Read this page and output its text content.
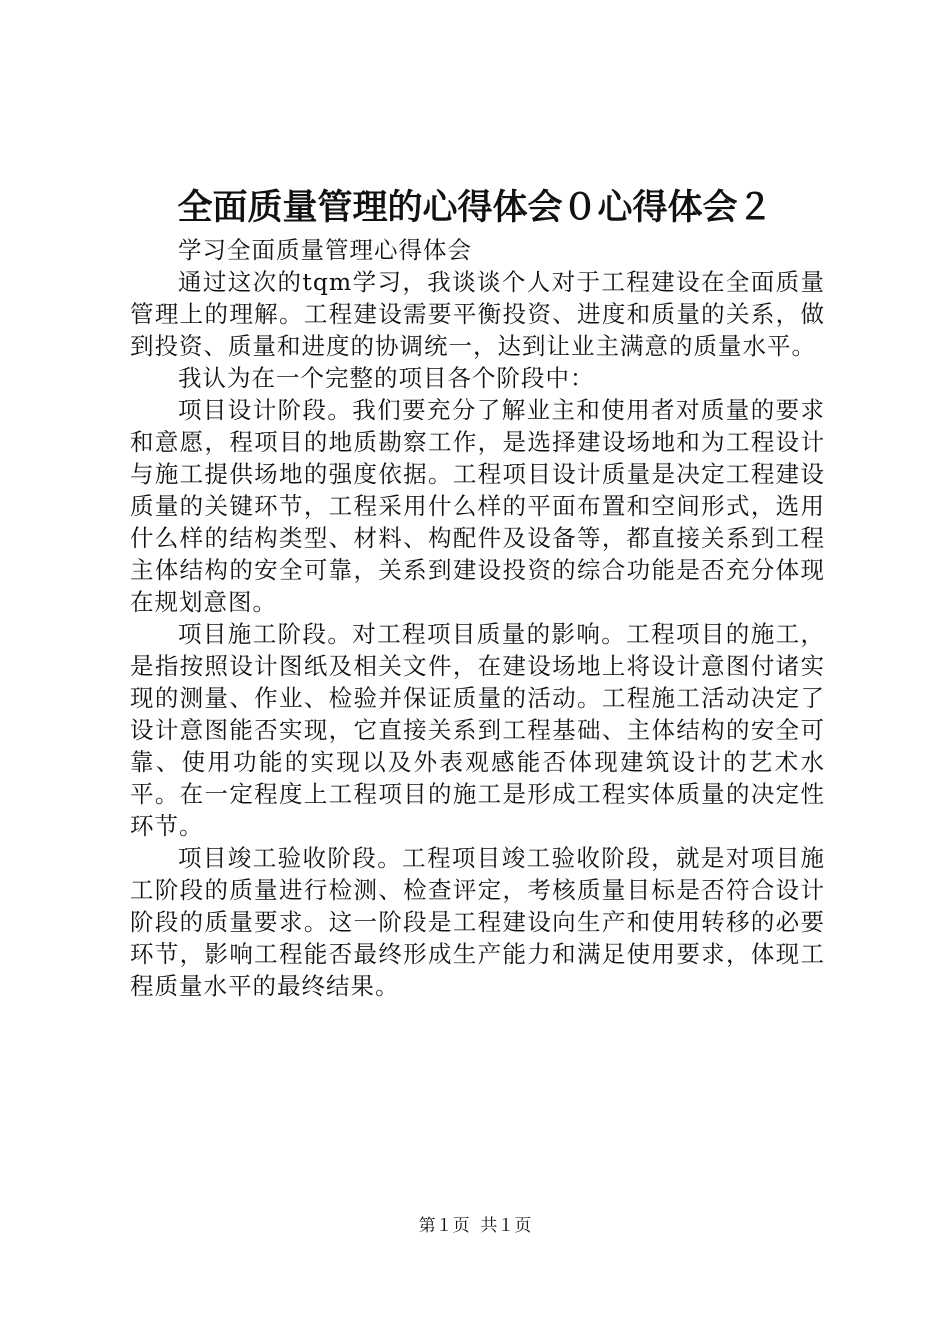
全面质量管理的心得体会０心得体会２

学习全面质量管理心得体会

通过这次的tqm学习，我谈谈个人对于工程建设在全面质量管理上的理解。工程建设需要平衡投资、进度和质量的关系，做到投资、质量和进度的协调统一，达到让业主满意的质量水平。

我认为在一个完整的项目各个阶段中：

项目设计阶段。我们要充分了解业主和使用者对质量的要求和意愿，程项目的地质勘察工作，是选择建设场地和为工程设计与施工提供场地的强度依据。工程项目设计质量是决定工程建设质量的关键环节，工程采用什么样的平面布置和空间形式，选用什么样的结构类型、材料、构配件及设备等，都直接关系到工程主体结构的安全可靠，关系到建设投资的综合功能是否充分体现在规划意图。

项目施工阶段。对工程项目质量的影响。工程项目的施工，是指按照设计图纸及相关文件，在建设场地上将设计意图付诸实现的测量、作业、检验并保证质量的活动。工程施工活动决定了设计意图能否实现，它直接关系到工程基础、主体结构的安全可靠、使用功能的实现以及外表观感能否体现建筑设计的艺术水平。在一定程度上工程项目的施工是形成工程实体质量的决定性环节。

项目竣工验收阶段。工程项目竣工验收阶段，就是对项目施工阶段的质量进行检测、检查评定，考核质量目标是否符合设计阶段的质量要求。这一阶段是工程建设向生产和使用转移的必要环节，影响工程能否最终形成生产能力和满足使用要求，体现工程质量水平的最终结果。

第１页  共１页
